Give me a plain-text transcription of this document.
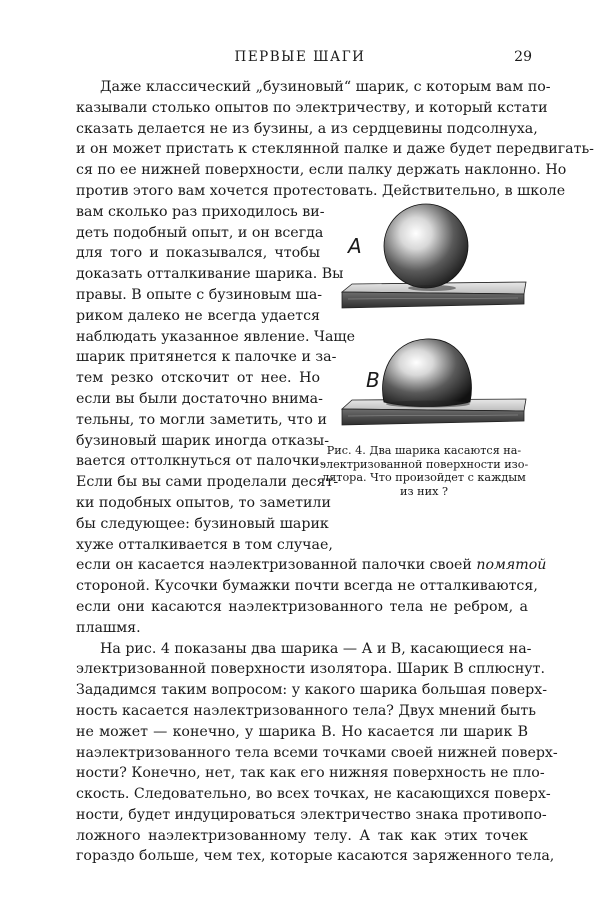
ПЕРВЫЕ ШАГИ	29
А
В
Рис. 4. Два шарика касаются на-
электризованной поверхности изо-
лятора. Что произойдет с каждым
из них ?
Даже классический „бузиновый“ шарик, с которым вам по-
казывали столько опытов по электричеству, и который кстати
сказать делается не из бузины, а из сердцевины подсолнуха,
и он может пристать к стеклянной палке и даже будет передвигать-
ся по ее нижней поверхности, если палку держать наклонно. Но
против этого вам хочется протестовать. Действительно, в школе
вам сколько раз приходилось ви-
деть подобный опыт, и он всегда
для того и показывался, чтобы
доказать отталкивание шарика. Вы
правы. В опыте с бузиновым ша-
риком далеко не всегда удается
наблюдать указанное явление. Чаще
шарик притянется к палочке и за-
тем резко отскочит от нее. Но
если вы были достаточно внима-
тельны, то могли заметить, что и
бузиновый шарик иногда отказы-
вается оттолкнуться от палочки.
Если бы вы сами проделали десят-
ки подобных опытов, то заметили
бы следующее: бузиновый шарик
хуже отталкивается в том случае,
если он касается наэлектризованной палочки своей помятой
стороной. Кусочки бумажки почти всегда не отталкиваются,
если они касаются наэлектризованного тела не ребром, а
плашмя.
На рис. 4 показаны два шарика — А и В, касающиеся на-
электризованной поверхности изолятора. Шарик В сплюснут.
Зададимся таким вопросом: у какого шарика большая поверх-
ность касается наэлектризованного тела? Двух мнений быть
не может — конечно, у шарика В. Но касается ли шарик В
наэлектризованного тела всеми точками своей нижней поверх-
ности? Конечно, нет, так как его нижняя поверхность не пло-
скость. Следовательно, во всех точках, не касающихся поверх-
ности, будет индуцироваться электричество знака противопо-
ложного наэлектризованному телу. А так как этих точек
гораздо больше, чем тех, которые касаются заряженного тела,
